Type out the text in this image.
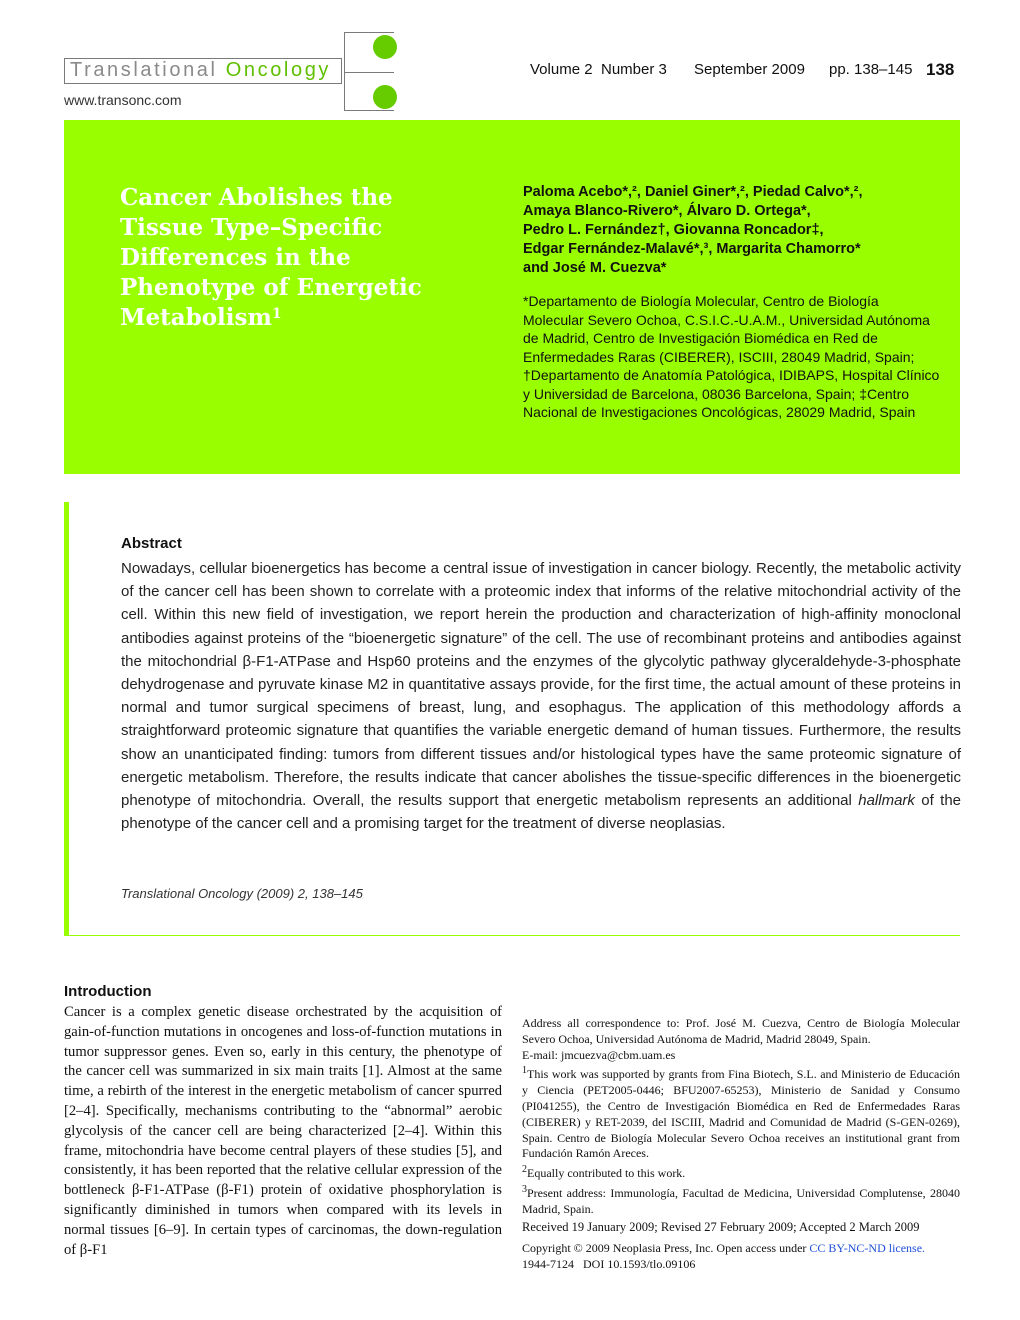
Translational Oncology
www.transonc.com
Volume 2 Number 3 September 2009 pp. 138–145 138
Cancer Abolishes the Tissue Type–Specific Differences in the Phenotype of Energetic Metabolism$^1$
Paloma Acebo*,², Daniel Giner*,², Piedad Calvo*,²,
Amaya Blanco-Rivero*, Álvaro D. Ortega*,
Pedro L. Fernández†, Giovanna Roncador‡,
Edgar Fernández-Malavé*,³, Margarita Chamorro*
and José M. Cuezva*
*Departamento de Biología Molecular, Centro de Biología Molecular Severo Ochoa, C.S.I.C.-U.A.M., Universidad Autónoma de Madrid, Centro de Investigación Biomédica en Red de Enfermedades Raras (CIBERER), ISCIII, 28049 Madrid, Spain; †Departamento de Anatomía Patológica, IDIBAPS, Hospital Clínico y Universidad de Barcelona, 08036 Barcelona, Spain; ‡Centro Nacional de Investigaciones Oncológicas, 28029 Madrid, Spain
Abstract
Nowadays, cellular bioenergetics has become a central issue of investigation in cancer biology. Recently, the metabolic activity of the cancer cell has been shown to correlate with a proteomic index that informs of the relative mitochondrial activity of the cell. Within this new field of investigation, we report herein the production and characterization of high-affinity monoclonal antibodies against proteins of the “bioenergetic signature” of the cell. The use of recombinant proteins and antibodies against the mitochondrial β-F1-ATPase and Hsp60 proteins and the enzymes of the glycolytic pathway glyceraldehyde-3-phosphate dehydrogenase and pyruvate kinase M2 in quantitative assays provide, for the first time, the actual amount of these proteins in normal and tumor surgical specimens of breast, lung, and esophagus. The application of this methodology affords a straightforward proteomic signature that quantifies the variable energetic demand of human tissues. Furthermore, the results show an unanticipated finding: tumors from different tissues and/or histological types have the same proteomic signature of energetic metabolism. Therefore, the results indicate that cancer abolishes the tissue-specific differences in the bioenergetic phenotype of mitochondria. Overall, the results support that energetic metabolism represents an additional hallmark of the phenotype of the cancer cell and a promising target for the treatment of diverse neoplasias.
Translational Oncology (2009) 2, 138–145
Introduction
Cancer is a complex genetic disease orchestrated by the acquisition of gain-of-function mutations in oncogenes and loss-of-function mutations in tumor suppressor genes. Even so, early in this century, the phenotype of the cancer cell was summarized in six main traits [1]. Almost at the same time, a rebirth of the interest in the energetic metabolism of cancer spurred [2–4]. Specifically, mechanisms contributing to the “abnormal” aerobic glycolysis of the cancer cell are being characterized [2–4]. Within this frame, mitochondria have become central players of these studies [5], and consistently, it has been reported that the relative cellular expression of the bottleneck β-F1-ATPase (β-F1) protein of oxidative phosphorylation is significantly diminished in tumors when compared with its levels in normal tissues [6–9]. In certain types of carcinomas, the down-regulation of β-F1

Address all correspondence to: Prof. José M. Cuezva, Centro de Biología Molecular Severo Ochoa, Universidad Autónoma de Madrid, Madrid 28049, Spain.

E-mail: jmcuezva@cbm.uam.es

$^1$This work was supported by grants from Fina Biotech, S.L. and Ministerio de Educación y Ciencia (PET2005-0446; BFU2007-65253), Ministerio de Sanidad y Consumo (PI041255), the Centro de Investigación Biomédica en Red de Enfermedades Raras (CIBERER) y RET-2039, del ISCIII, Madrid and Comunidad de Madrid (S-GEN-0269), Spain. Centro de Biología Molecular Severo Ochoa receives an institutional grant from Fundación Ramón Areces.

$^2$Equally contributed to this work.

$^3$Present address: Immunología, Facultad de Medicina, Universidad Complutense, 28040 Madrid, Spain.

Received 19 January 2009; Revised 27 February 2009; Accepted 2 March 2009

Copyright © 2009 Neoplasia Press, Inc. Open access under CC BY-NC-ND license.

1944-7124 DOI 10.1593/tlo.09106
